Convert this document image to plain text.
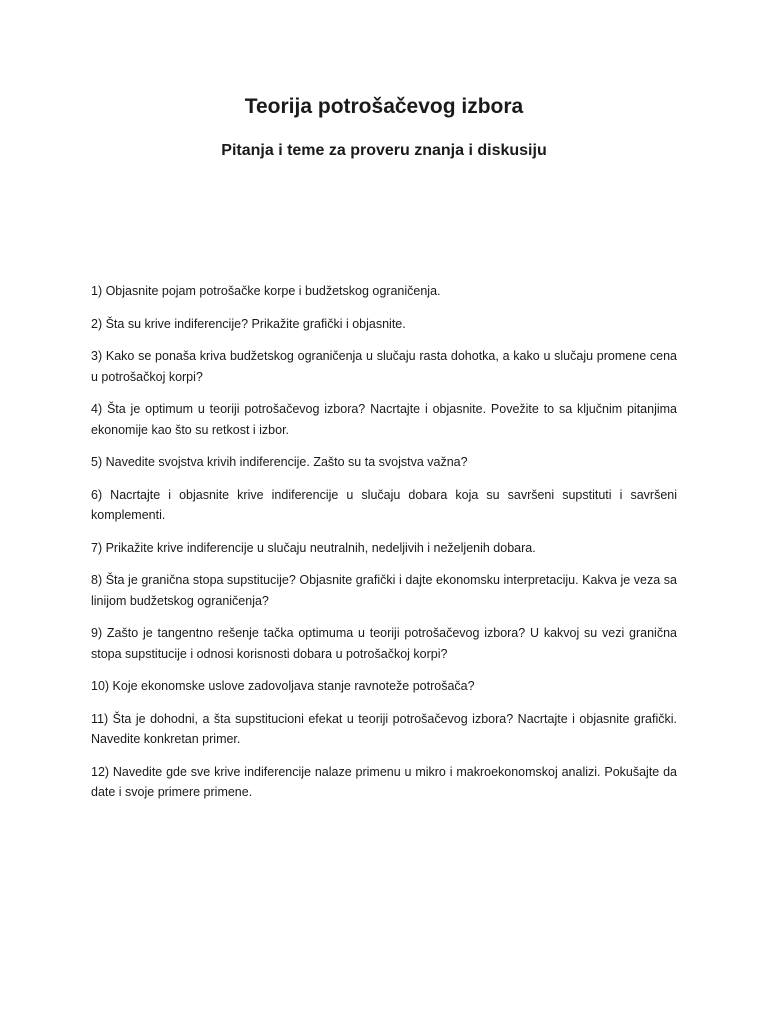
Teorija potrošačevog izbora
Pitanja i teme za proveru znanja i diskusiju
1) Objasnite pojam potrošačke korpe i budžetskog ograničenja.
2) Šta su krive indiferencije? Prikažite grafički i objasnite.
3) Kako se ponaša kriva budžetskog ograničenja u slučaju rasta dohotka, a kako u slučaju promene cena u potrošačkoj korpi?
4) Šta je optimum u teoriji potrošačevog izbora? Nacrtajte i objasnite. Povežite to sa ključnim pitanjima ekonomije kao što su retkost i izbor.
5) Navedite svojstva krivih indiferencije. Zašto su ta svojstva važna?
6) Nacrtajte i objasnite krive indiferencije u slučaju dobara koja su savršeni supstituti i savršeni komplementi.
7) Prikažite krive indiferencije u slučaju neutralnih, nedeljivih i neželjenih dobara.
8) Šta je granična stopa supstitucije? Objasnite grafički i dajte ekonomsku interpretaciju. Kakva je veza sa linijom budžetskog ograničenja?
9) Zašto je tangentno rešenje tačka optimuma u teoriji potrošačevog izbora? U kakvoj su vezi granična stopa supstitucije i odnosi korisnosti dobara u potrošačkoj korpi?
10) Koje ekonomske uslove zadovoljava stanje ravnoteže potrošača?
11) Šta je dohodni, a šta supstitucioni efekat u teoriji potrošačevog izbora? Nacrtajte i objasnite grafički. Navedite konkretan primer.
12) Navedite gde sve krive indiferencije nalaze primenu u mikro i makroekonomskoj analizi. Pokušajte da date i svoje primere primene.
